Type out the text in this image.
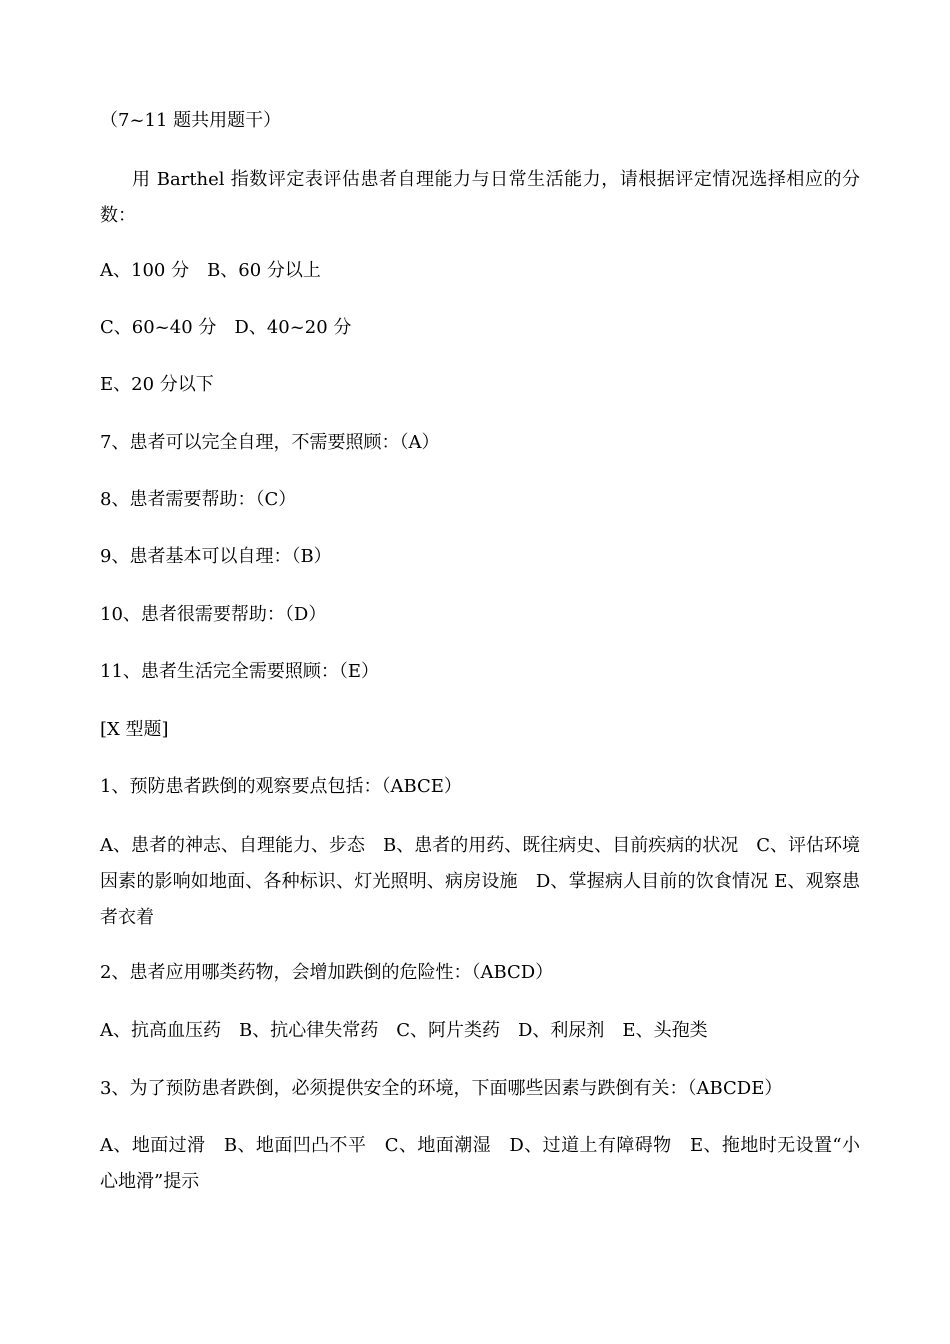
（7~11 题共用题干）
用 Barthel 指数评定表评估患者自理能力与日常生活能力，请根据评定情况选择相应的分数：
A、100 分　B、60 分以上
C、60~40 分　D、40~20 分
E、20 分以下
7、患者可以完全自理，不需要照顾：（A）
8、患者需要帮助：（C）
9、患者基本可以自理：（B）
10、患者很需要帮助：（D）
11、患者生活完全需要照顾：（E）
[X 型题]
1、预防患者跌倒的观察要点包括：（ABCE）
A、患者的神志、自理能力、步态　B、患者的用药、既往病史、目前疾病的状况　C、评估环境因素的影响如地面、各种标识、灯光照明、病房设施　D、掌握病人目前的饮食情况 E、观察患者衣着
2、患者应用哪类药物，会增加跌倒的危险性：（ABCD）
A、抗高血压药　B、抗心律失常药　C、阿片类药　D、利尿剂　E、头孢类
3、为了预防患者跌倒，必须提供安全的环境，下面哪些因素与跌倒有关：（ABCDE）
A、地面过滑　B、地面凹凸不平　C、地面潮湿　D、过道上有障碍物　E、拖地时无设置“小心地滑”提示
